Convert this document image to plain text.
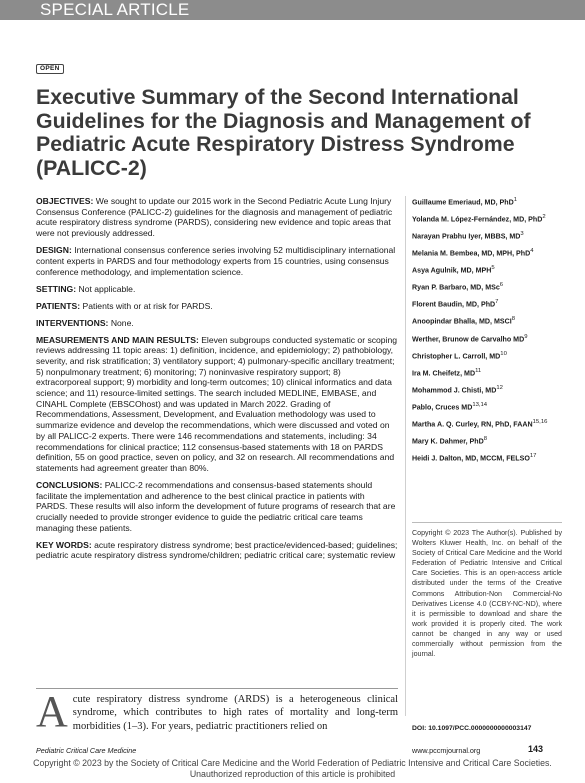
SPECIAL ARTICLE
OPEN
Executive Summary of the Second International Guidelines for the Diagnosis and Management of Pediatric Acute Respiratory Distress Syndrome (PALICC-2)

OBJECTIVES: We sought to update our 2015 work in the Second Pediatric Acute Lung Injury Consensus Conference (PALICC-2) guidelines for the diagnosis and management of pediatric acute respiratory distress syndrome (PARDS), considering new evidence and topic areas that were not previously addressed.

DESIGN: International consensus conference series involving 52 multidisciplinary international content experts in PARDS and four methodology experts from 15 countries, using consensus conference methodology, and implementation science.

SETTING: Not applicable.

PATIENTS: Patients with or at risk for PARDS.

INTERVENTIONS: None.

MEASUREMENTS AND MAIN RESULTS: Eleven subgroups conducted systematic or scoping reviews addressing 11 topic areas: 1) definition, incidence, and epidemiology; 2) pathobiology, severity, and risk stratification; 3) ventilatory support; 4) pulmonary-specific ancillary treatment; 5) nonpulmonary treatment; 6) monitoring; 7) noninvasive respiratory support; 8) extracorporeal support; 9) morbidity and long-term outcomes; 10) clinical informatics and data science; and 11) resource-limited settings. The search included MEDLINE, EMBASE, and CINAHL Complete (EBSCOhost) and was updated in March 2022. Grading of Recommendations, Assessment, Development, and Evaluation methodology was used to summarize evidence and develop the recommendations, which were discussed and voted on by all PALICC-2 experts. There were 146 recommendations and statements, including: 34 recommendations for clinical practice; 112 consensus-based statements with 18 on PARDS definition, 55 on good practice, seven on policy, and 32 on research. All recommendations and statements had agreement greater than 80%.

CONCLUSIONS: PALICC-2 recommendations and consensus-based statements should facilitate the implementation and adherence to the best clinical practice in patients with PARDS. These results will also inform the development of future programs of research that are crucially needed to provide stronger evidence to guide the pediatric critical care teams managing these patients.

KEY WORDS: acute respiratory distress syndrome; best practice/evidenced-based; guidelines; pediatric acute respiratory distress syndrome/children; pediatric critical care; systematic review

Guillaume Emeriaud, MD, PhD$^1$
Yolanda M. López-Fernández, MD, PhD$^2$
Narayan Prabhu Iyer, MBBS, $MD^3$
Melania M. Bembea, MD, MPH, PhD$^4$
Asya Agulnik, MD, MPH$^5$
Ryan P. Barbaro, MD, MSc$^6$
Florent Baudin, MD, PhD$^7$
Anoopindar Bhalla, MD, MSCI$^8$
Werther, Brunow de Carvalho $MD^9$
Christopher L. Carroll, MD$^{10}$
Ira M. Cheifetz, MD$^{11}$
Mohammod J. Chisti, MD$^{12}$
Pablo, Cruces MD$^{13,14}$
Martha A. Q. Curley, RN, PhD, FAAN$^{15,16}$
Mary K. Dahmer, PhD$^8$
Heidi J. Dalton, MD, MCCM, FELSO$^{17}$
Copyright © 2023 The Author(s). Published by Wolters Kluwer Health, Inc. on behalf of the Society of Critical Care Medicine and the World Federation of Pediatric Intensive and Critical Care Societies. This is an open-access article distributed under the terms of the Creative Commons Attribution-Non Commercial-No Derivatives License 4.0 (CCBY-NC-ND), where it is permissible to download and share the work provided it is properly cited. The work cannot be changed in any way or used commercially without permission from the journal.
DOI: 10.1097/PCC.0000000000003147
Acute respiratory distress syndrome (ARDS) is a heterogeneous clinical syndrome, which contributes to high rates of mortality and long-term morbidities (1–3). For years, pediatric practitioners relied on
Pediatric Critical Care Medicine	www.pccmjournal.org	143
Copyright © 2023 by the Society of Critical Care Medicine and the World Federation of Pediatric Intensive and Critical Care Societies.
Unauthorized reproduction of this article is prohibited
